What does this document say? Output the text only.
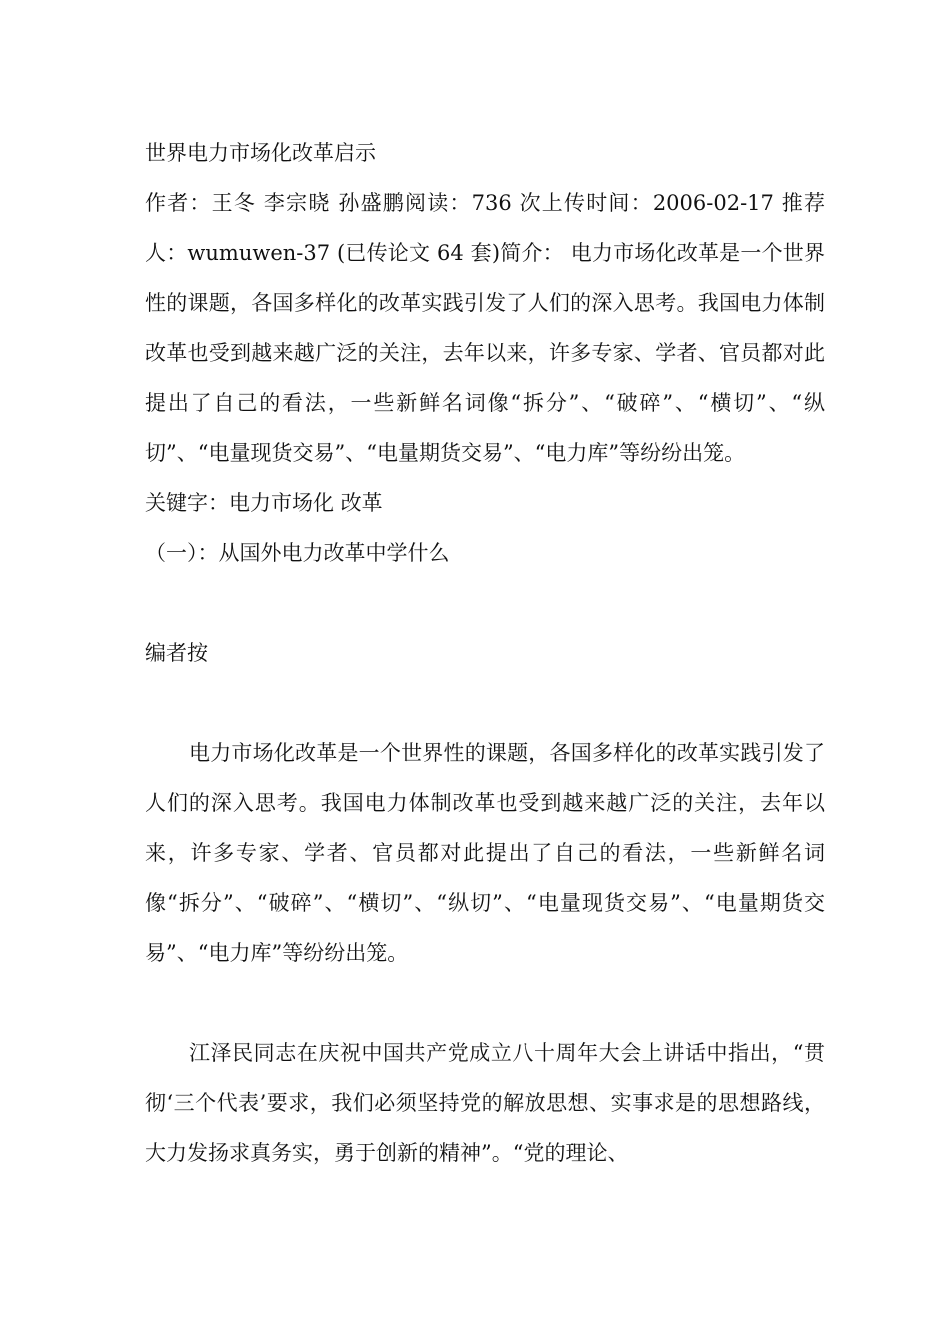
世界电力市场化改革启示

作者：王冬 李宗晓 孙盛鹏阅读：736 次上传时间：2006-02-17 推荐人：wumuwen-37 (已传论文 64 套)简介： 电力市场化改革是一个世界性的课题，各国多样化的改革实践引发了人们的深入思考。我国电力体制改革也受到越来越广泛的关注，去年以来，许多专家、学者、官员都对此提出了自己的看法，一些新鲜名词像“拆分”、“破碎”、“横切”、“纵切”、“电量现货交易”、“电量期货交易”、“电力库”等纷纷出笼。

关键字：电力市场化 改革

（一）：从国外电力改革中学什么

编者按

电力市场化改革是一个世界性的课题，各国多样化的改革实践引发了人们的深入思考。我国电力体制改革也受到越来越广泛的关注，去年以来，许多专家、学者、官员都对此提出了自己的看法，一些新鲜名词像“拆分”、“破碎”、“横切”、“纵切”、“电量现货交易”、“电量期货交易”、“电力库”等纷纷出笼。

江泽民同志在庆祝中国共产党成立八十周年大会上讲话中指出，“贯彻‘三个代表’要求，我们必须坚持党的解放思想、实事求是的思想路线，大力发扬求真务实，勇于创新的精神”。“党的理论、
